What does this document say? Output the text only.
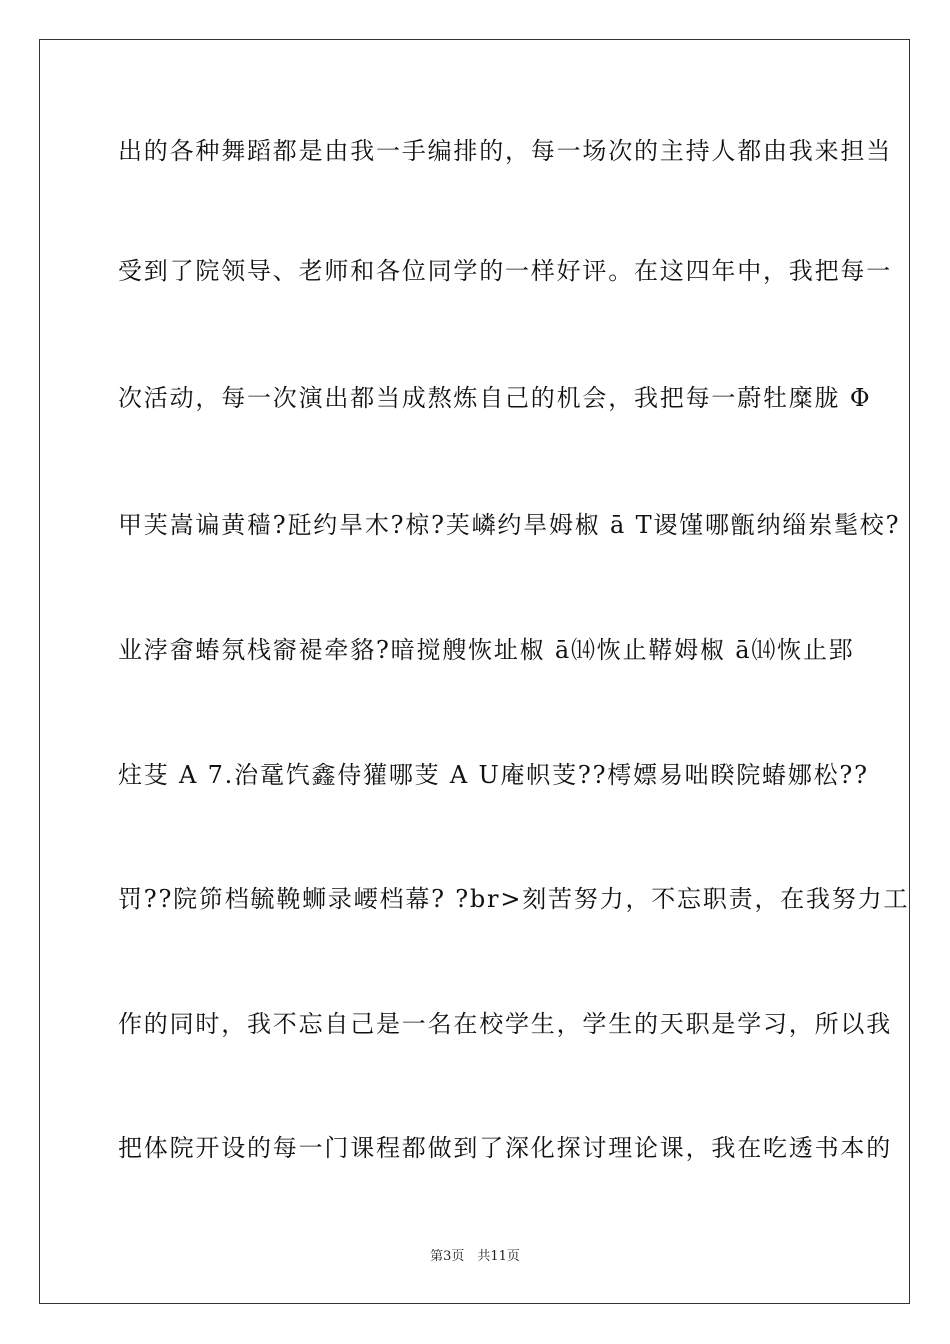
出的各种舞蹈都是由我一手编排的，每一场次的主持人都由我来担当
受到了院领导、老师和各位同学的一样好评。在这四年中，我把每一
次活动，每一次演出都当成熬炼自己的机会，我把每一蔚牡糜胧 Φ
甲芙嵩谝黄穑?瓩约旱木?椋?芙嶙约旱姆椒 ā T谡馑哪甑纳缁岽髦校?
业浡畲蝽氛栈窬褆牵貉?暗搅艘恢址椒 ā⒁恢止鞯姆椒 ā⒁恢止郢
炷芟 A 7.治鼋饩鑫侍獾哪芰 A U庵帜芰??樗嫖易咄睽院蝽娜松??
罚??院笷档毓鞔蛳录崾档幕? ?br>刻苦努力，不忘职责，在我努力工
作的同时，我不忘自己是一名在校学生，学生的天职是学习，所以我
把体院开设的每一门课程都做到了深化探讨理论课，我在吃透书本的
第3页　共11页
